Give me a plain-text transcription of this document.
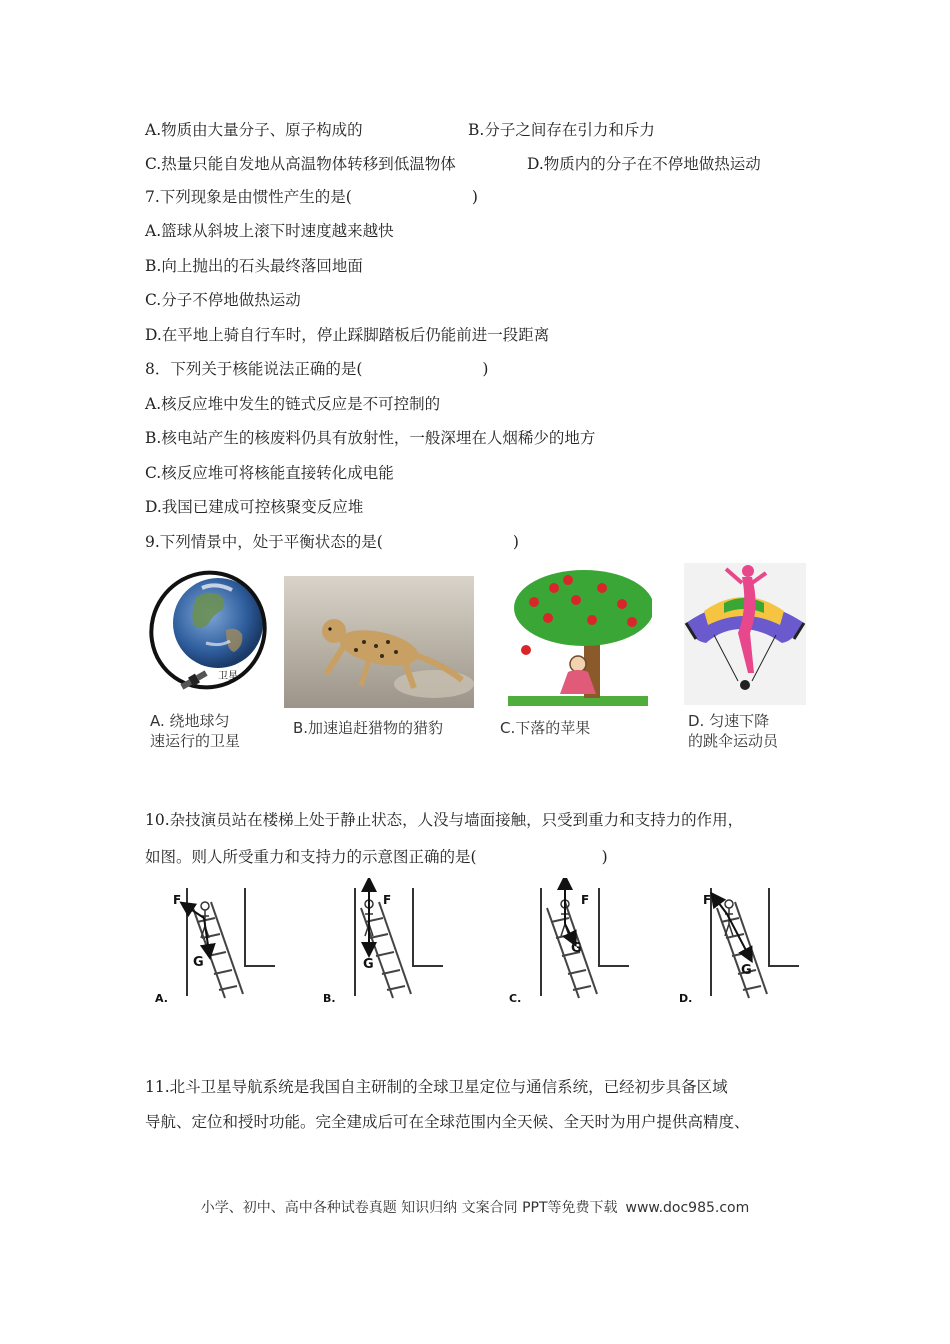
A.物质由大量分子、原子构成的	B.分子之间存在引力和斥力
C.热量只能自发地从高温物体转移到低温物体	D.物质内的分子在不停地做热运动
7.下列现象是由惯性产生的是(	)
A.篮球从斜坡上滚下时速度越来越快
B.向上抛出的石头最终落回地面
C.分子不停地做热运动
D.在平地上骑自行车时，停止踩脚踏板后仍能前进一段距离
8．下列关于核能说法正确的是(	)
A.核反应堆中发生的链式反应是不可控制的
B.核电站产生的核废料仍具有放射性，一般深埋在人烟稀少的地方
C.核反应堆可将核能直接转化成电能
D.我国已建成可控核聚变反应堆
9.下列情景中，处于平衡状态的是(	)
卫星
A. 绕地球匀
速运行的卫星
B.加速追赶猎物的猎豹	C.下落的苹果	D. 匀速下降
的跳伞运动员
10.杂技演员站在楼梯上处于静止状态，人没与墙面接触，只受到重力和支持力的作用，
如图。则人所受重力和支持力的示意图正确的是(	)
F
G
A.
F
G
B.
F
G
C.
F
G
D.
11.北斗卫星导航系统是我国自主研制的全球卫星定位与通信系统，已经初步具备区域
导航、定位和授时功能。完全建成后可在全球范围内全天候、全天时为用户提供高精度、
小学、初中、高中各种试卷真题 知识归纳 文案合同 PPT等免费下载 www.doc985.com
